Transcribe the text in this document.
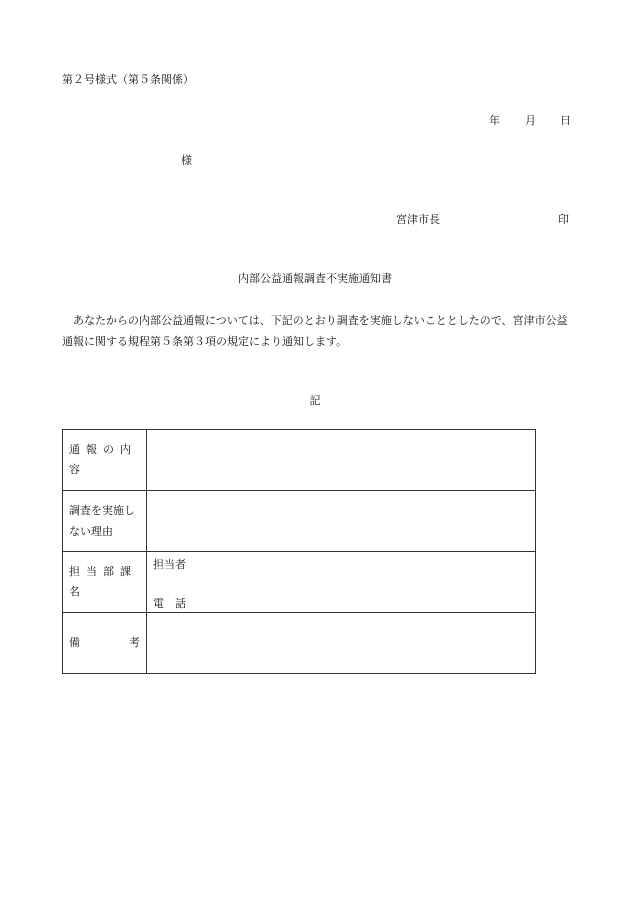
第２号様式（第５条関係）
年 月 日
様
宮津市長	印
内部公益通報調査不実施通知書
あなたからの内部公益通報については、下記のとおり調査を実施しないこととしたので、宮津市公益通報に関する規程第５条第３項の規定により通知します。
記
通報の内容	

調査を実施しない理由	

担当部課名	担当者
電　話

備 考	
